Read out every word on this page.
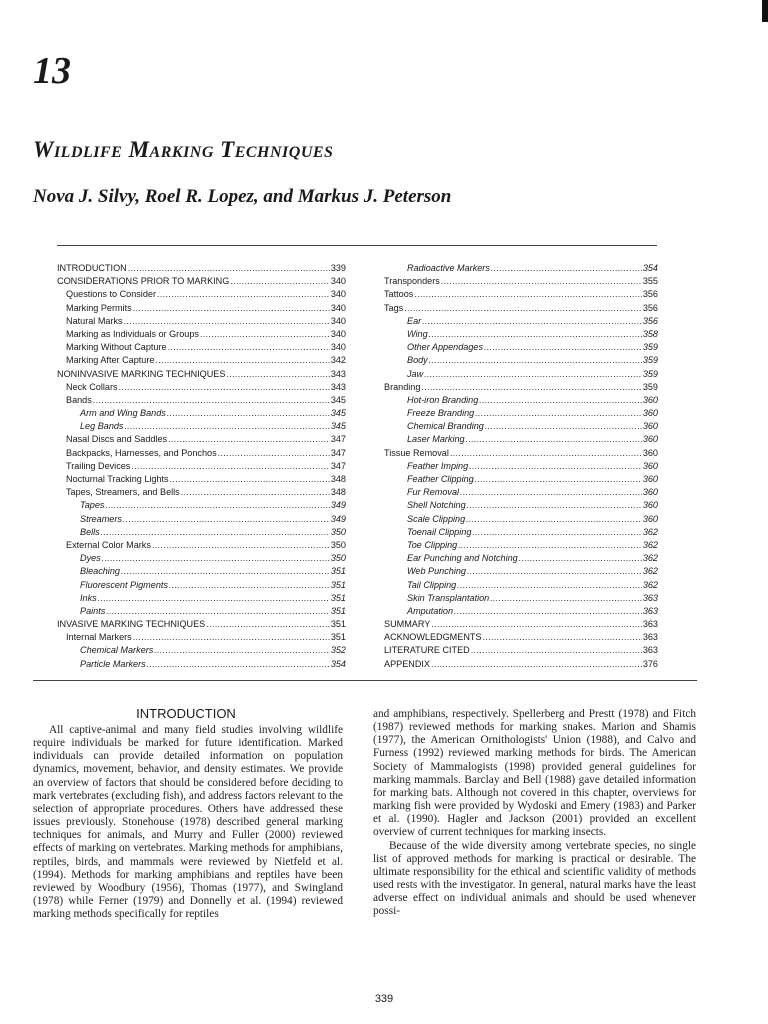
13
Wildlife Marking Techniques
Nova J. Silvy, Roel R. Lopez, and Markus J. Peterson
INTRODUCTION .....	339
CONSIDERATIONS PRIOR TO MARKING .....	340
Questions to Consider .....	340
Marking Permits .....	340
Natural Marks .....	340
Marking as Individuals or Groups .....	340
Marking Without Capture .....	340
Marking After Capture .....	342
NONINVASIVE MARKING TECHNIQUES .....	343
Neck Collars .....	343
Bands .....	345
Arm and Wing Bands .....	345
Leg Bands .....	345
Nasal Discs and Saddles .....	347
Backpacks, Harnesses, and Ponchos .....	347
Trailing Devices .....	347
Nocturnal Tracking Lights .....	348
Tapes, Streamers, and Bells .....	348
Tapes .....	349
Streamers .....	349
Bells .....	350
External Color Marks .....	350
Dyes .....	350
Bleaching .....	351
Fluorescent Pigments .....	351
Inks .....	351
Paints .....	351
INVASIVE MARKING TECHNIQUES .....	351
Internal Markers .....	351
Chemical Markers .....	352
Particle Markers .....	354
Radioactive Markers .....	354
Transponders .....	355
Tattoos .....	356
Tags .....	356
Ear .....	356
Wing .....	358
Other Appendages .....	359
Body .....	359
Jaw .....	359
Branding .....	359
Hot-iron Branding .....	360
Freeze Branding .....	360
Chemical Branding .....	360
Laser Marking .....	360
Tissue Removal .....	360
Feather Imping .....	360
Feather Clipping .....	360
Fur Removal .....	360
Shell Notching .....	360
Scale Clipping .....	360
Toenail Clipping .....	362
Toe Clipping .....	362
Ear Punching and Notching .....	362
Web Punching .....	362
Tail Clipping .....	362
Skin Transplantation .....	363
Amputation .....	363
SUMMARY .....	363
ACKNOWLEDGMENTS .....	363
LITERATURE CITED .....	363
APPENDIX .....	376
INTRODUCTION

All captive-animal and many field studies involving wildlife require individuals be marked for future identification. Marked individuals can provide detailed information on population dynamics, movement, behavior, and density estimates. We provide an overview of factors that should be considered before deciding to mark vertebrates (excluding fish), and address factors relevant to the selection of appropriate procedures. Others have addressed these issues previously. Stonehouse (1978) described general marking techniques for animals, and Murry and Fuller (2000) reviewed effects of marking on vertebrates. Marking methods for amphibians, reptiles, birds, and mammals were reviewed by Nietfeld et al. (1994). Methods for marking amphibians and reptiles have been reviewed by Woodbury (1956), Thomas (1977), and Swingland (1978) while Ferner (1979) and Donnelly et al. (1994) reviewed marking methods specifically for reptiles

and amphibians, respectively. Spellerberg and Prestt (1978) and Fitch (1987) reviewed methods for marking snakes. Marion and Shamis (1977), the American Ornithologists' Union (1988), and Calvo and Furness (1992) reviewed marking methods for birds. The American Society of Mammalogists (1998) provided general guidelines for marking mammals. Barclay and Bell (1988) gave detailed information for marking bats. Although not covered in this chapter, overviews for marking fish were provided by Wydoski and Emery (1983) and Parker et al. (1990). Hagler and Jackson (2001) provided an excellent overview of current techniques for marking insects.

Because of the wide diversity among vertebrate species, no single list of approved methods for marking is practical or desirable. The ultimate responsibility for the ethical and scientific validity of methods used rests with the investigator. In general, natural marks have the least adverse effect on individual animals and should be used whenever possi-

339
